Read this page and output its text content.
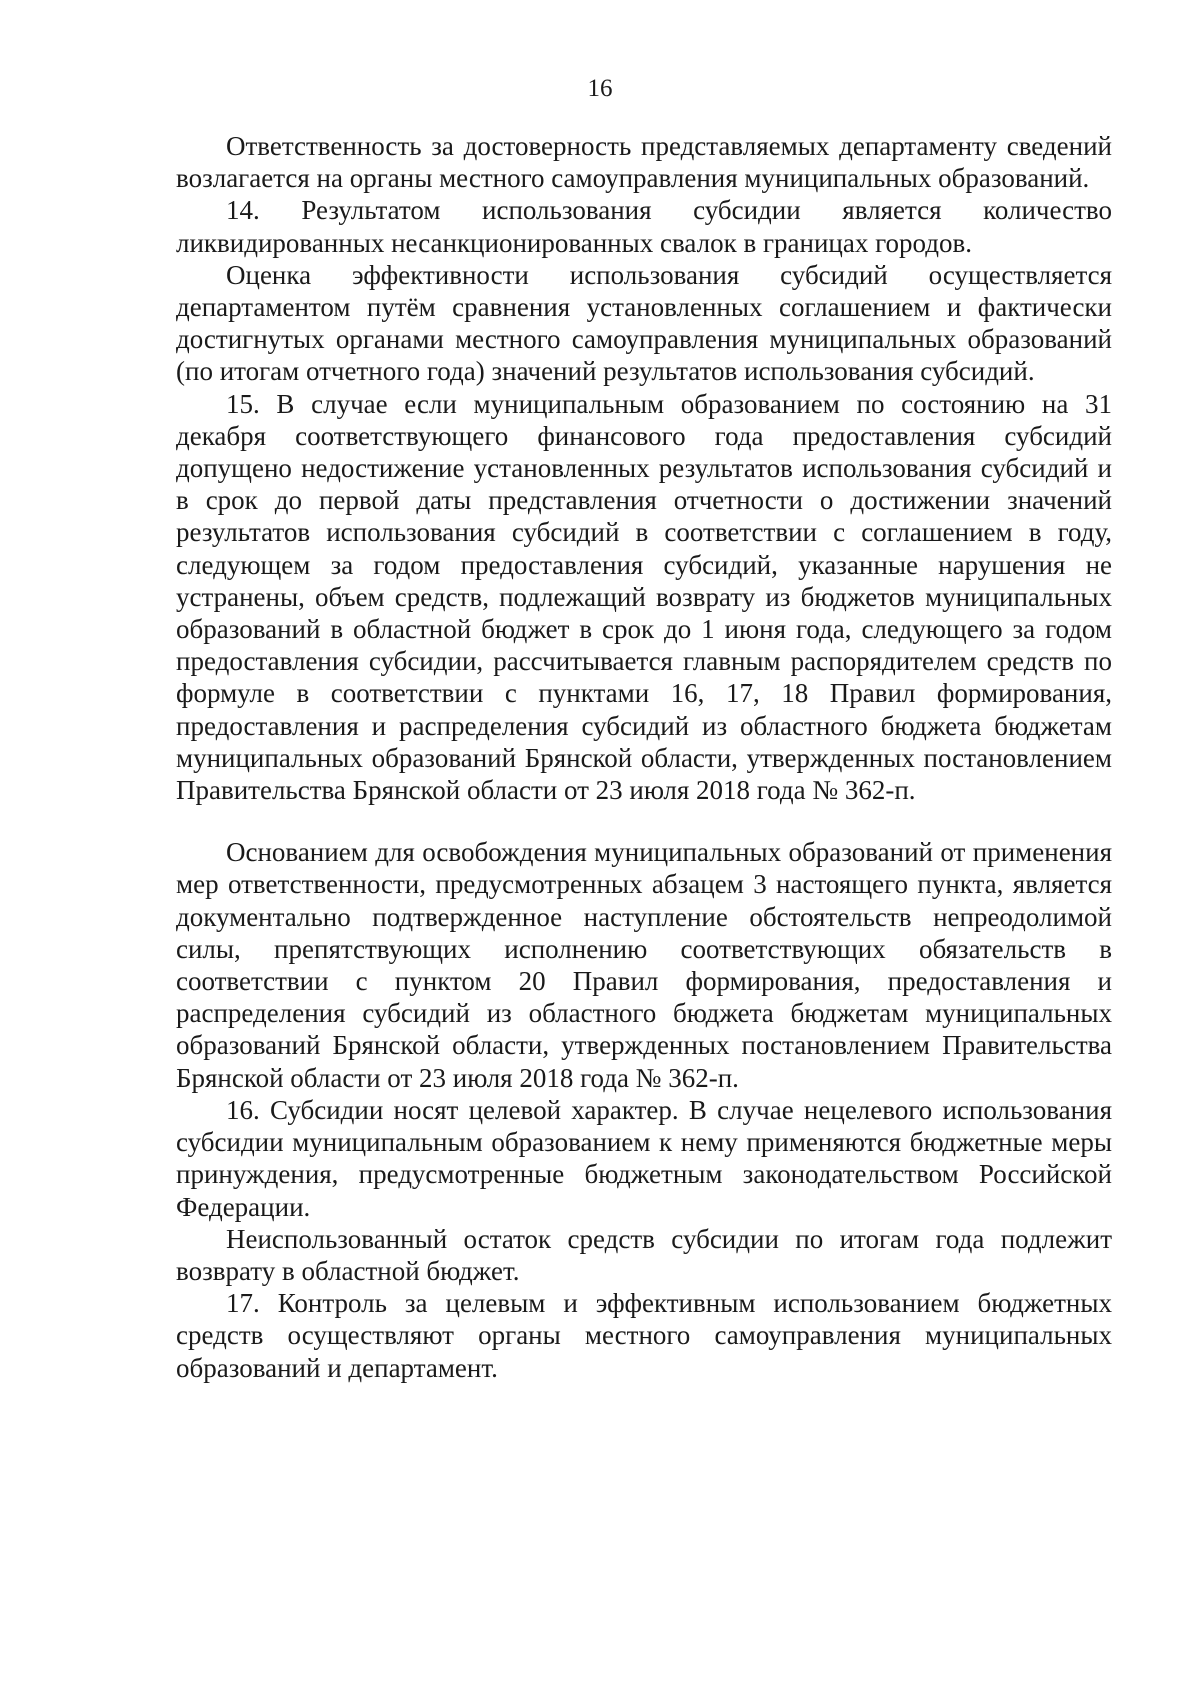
16

Ответственность за достоверность представляемых департаменту сведений возлагается на органы местного самоуправления муниципальных образований.

14. Результатом использования субсидии является количество ликвидированных несанкционированных свалок в границах городов.

Оценка эффективности использования субсидий осуществляется департаментом путём сравнения установленных соглашением и фактически достигнутых органами местного самоуправления муниципальных образований (по итогам отчетного года) значений результатов использования субсидий.

15. В случае если муниципальным образованием по состоянию на 31 декабря соответствующего финансового года предоставления субсидий допущено недостижение установленных результатов использования субсидий и в срок до первой даты представления отчетности о достижении значений результатов использования субсидий в соответствии с соглашением в году, следующем за годом предоставления субсидий, указанные нарушения не устранены, объем средств, подлежащий возврату из бюджетов муниципальных образований в областной бюджет в срок до 1 июня года, следующего за годом предоставления субсидии, рассчитывается главным распорядителем средств по формуле в соответствии с пунктами 16, 17, 18 Правил формирования, предоставления и распределения субсидий из областного бюджета бюджетам муниципальных образований Брянской области, утвержденных постановлением Правительства Брянской области от 23 июля 2018 года № 362-п.

Основанием для освобождения муниципальных образований от применения мер ответственности, предусмотренных абзацем 3 настоящего пункта, является документально подтвержденное наступление обстоятельств непреодолимой силы, препятствующих исполнению соответствующих обязательств в соответствии с пунктом 20 Правил формирования, предоставления и распределения субсидий из областного бюджета бюджетам муниципальных образований Брянской области, утвержденных постановлением Правительства Брянской области от 23 июля 2018 года № 362-п.

16. Субсидии носят целевой характер. В случае нецелевого использования субсидии муниципальным образованием к нему применяются бюджетные меры принуждения, предусмотренные бюджетным законодательством Российской Федерации.

Неиспользованный остаток средств субсидии по итогам года подлежит возврату в областной бюджет.

17. Контроль за целевым и эффективным использованием бюджетных средств осуществляют органы местного самоуправления муниципальных образований и департамент.
